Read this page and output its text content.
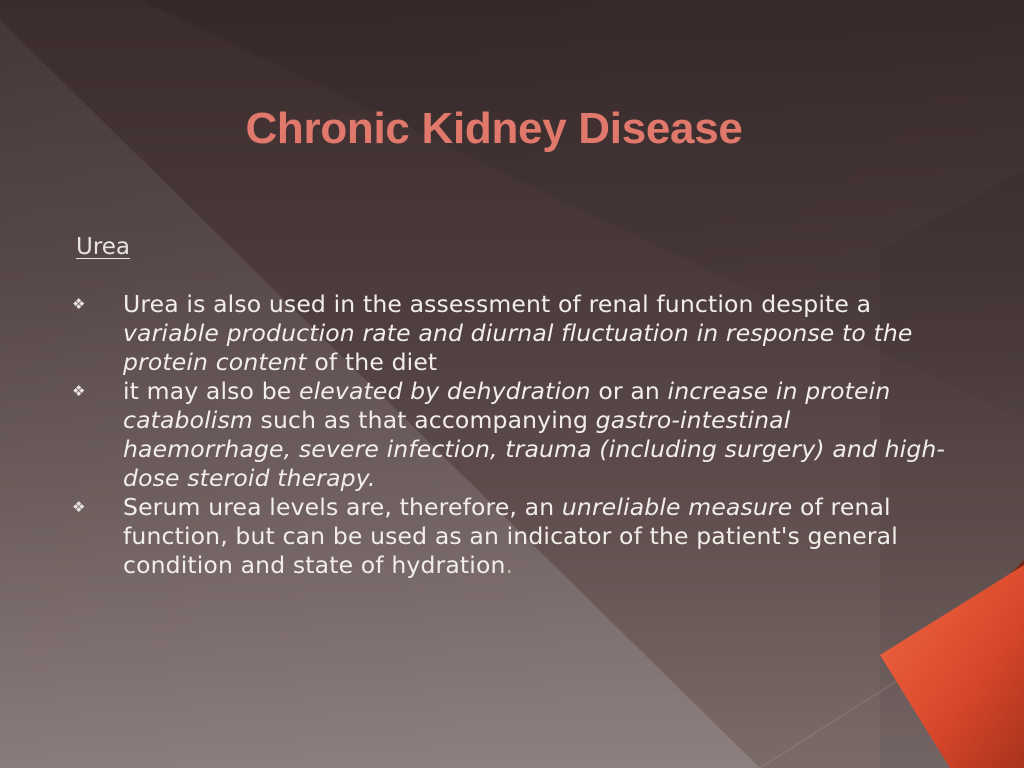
Chronic Kidney Disease
Urea
❖ Urea is also used in the assessment of renal function despite a variable production rate and diurnal fluctuation in response to the protein content of the diet
❖ it may also be elevated by dehydration or an increase in protein catabolism such as that accompanying gastro-intestinal haemorrhage, severe infection, trauma (including surgery) and high-dose steroid therapy.
❖ Serum urea levels are, therefore, an unreliable measure of renal function, but can be used as an indicator of the patient's general condition and state of hydration.
